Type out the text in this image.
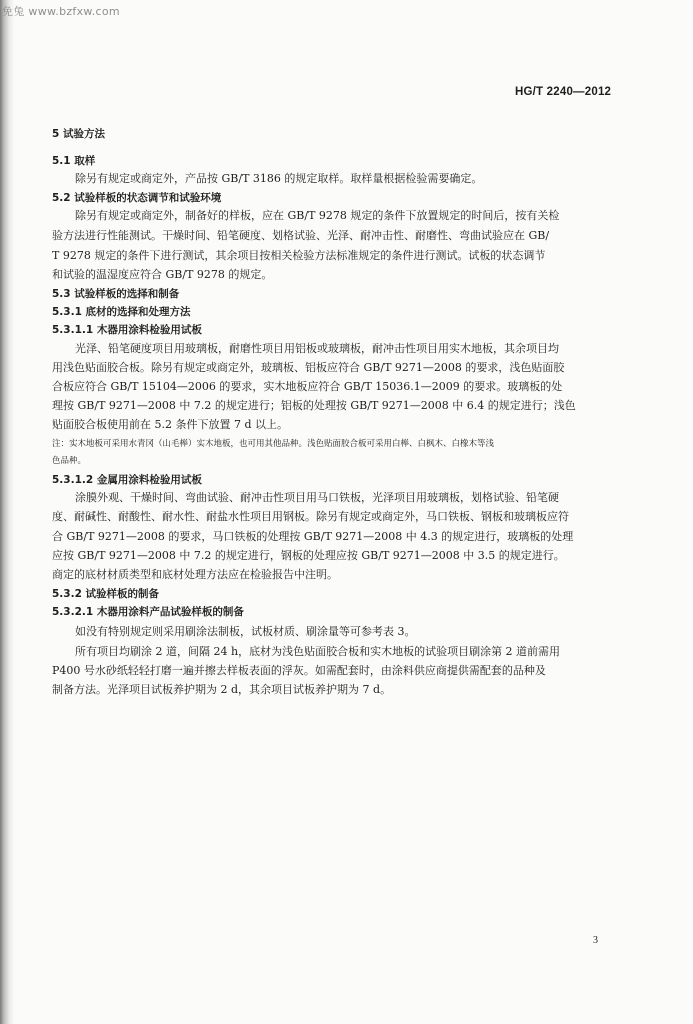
免兔 www.bzfxw.com
HG/T 2240—2012
5 试验方法
5.1 取样
除另有规定或商定外，产品按 GB/T 3186 的规定取样。取样量根据检验需要确定。
5.2 试验样板的状态调节和试验环境
除另有规定或商定外，制备好的样板，应在 GB/T 9278 规定的条件下放置规定的时间后，按有关检
验方法进行性能测试。干燥时间、铅笔硬度、划格试验、光泽、耐冲击性、耐磨性、弯曲试验应在 GB/
T 9278 规定的条件下进行测试，其余项目按相关检验方法标准规定的条件进行测试。试板的状态调节
和试验的温湿度应符合 GB/T 9278 的规定。
5.3 试验样板的选择和制备
5.3.1 底材的选择和处理方法
5.3.1.1 木器用涂料检验用试板
光泽、铅笔硬度项目用玻璃板，耐磨性项目用铝板或玻璃板，耐冲击性项目用实木地板，其余项目均
用浅色贴面胶合板。除另有规定或商定外，玻璃板、铝板应符合 GB/T 9271—2008 的要求，浅色贴面胶
合板应符合 GB/T 15104—2006 的要求，实木地板应符合 GB/T 15036.1—2009 的要求。玻璃板的处
理按 GB/T 9271—2008 中 7.2 的规定进行；铝板的处理按 GB/T 9271—2008 中 6.4 的规定进行；浅色
贴面胶合板使用前在 5.2 条件下放置 7 d 以上。
注：实木地板可采用水青冈（山毛榉）实木地板，也可用其他品种。浅色贴面胶合板可采用白榉、白枫木、白橡木等浅
色品种。
5.3.1.2 金属用涂料检验用试板
涂膜外观、干燥时间、弯曲试验、耐冲击性项目用马口铁板，光泽项目用玻璃板，划格试验、铅笔硬
度、耐碱性、耐酸性、耐水性、耐盐水性项目用钢板。除另有规定或商定外，马口铁板、钢板和玻璃板应符
合 GB/T 9271—2008 的要求，马口铁板的处理按 GB/T 9271—2008 中 4.3 的规定进行，玻璃板的处理
应按 GB/T 9271—2008 中 7.2 的规定进行，钢板的处理应按 GB/T 9271—2008 中 3.5 的规定进行。
商定的底材材质类型和底材处理方法应在检验报告中注明。
5.3.2 试验样板的制备
5.3.2.1 木器用涂料产品试验样板的制备
如没有特别规定则采用刷涂法制板，试板材质、刷涂量等可参考表 3。
所有项目均刷涂 2 道，间隔 24 h，底材为浅色贴面胶合板和实木地板的试验项目刷涂第 2 道前需用
P400 号水砂纸轻轻打磨一遍并擦去样板表面的浮灰。如需配套时，由涂料供应商提供需配套的品种及
制备方法。光泽项目试板养护期为 2 d，其余项目试板养护期为 7 d。
3
